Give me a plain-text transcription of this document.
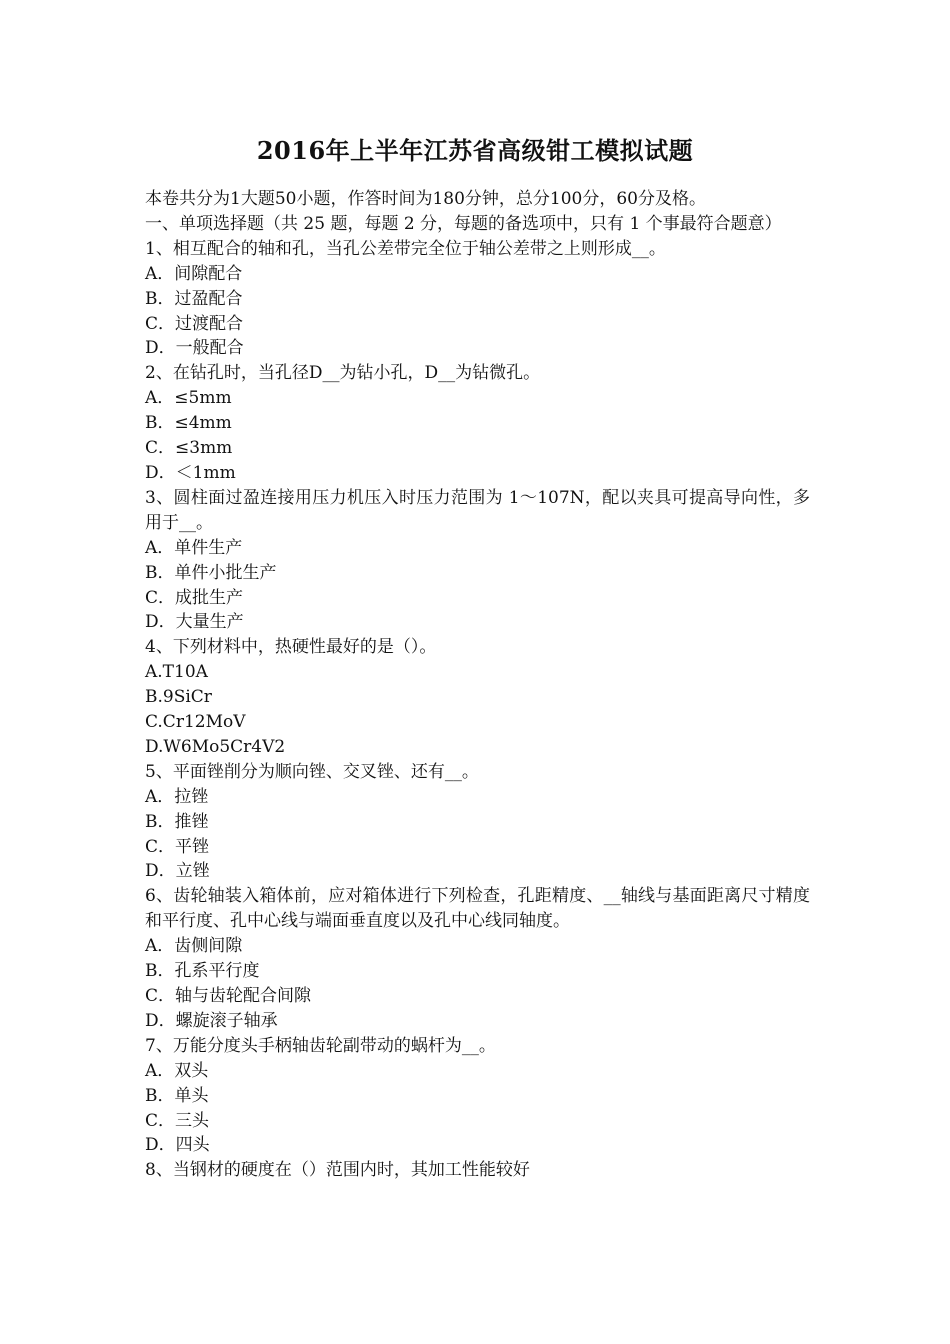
2016年上半年江苏省高级钳工模拟试题
本卷共分为1大题50小题，作答时间为180分钟，总分100分，60分及格。
一、单项选择题（共 25 题，每题 2 分，每题的备选项中，只有 1 个事最符合题意）
1、相互配合的轴和孔，当孔公差带完全位于轴公差带之上则形成__。
A．间隙配合
B．过盈配合
C．过渡配合
D．一般配合
2、在钻孔时，当孔径D__为钻小孔，D__为钻微孔。
A．≤5mm
B．≤4mm
C．≤3mm
D．＜1mm
3、圆柱面过盈连接用压力机压入时压力范围为 1～107N，配以夹具可提高导向性，多用于__。
A．单件生产
B．单件小批生产
C．成批生产
D．大量生产
4、下列材料中，热硬性最好的是（）。
A.T10A
B.9SiCr
C.Cr12MoV
D.W6Mo5Cr4V2
5、平面锉削分为顺向锉、交叉锉、还有__。
A．拉锉
B．推锉
C．平锉
D．立锉
6、齿轮轴装入箱体前，应对箱体进行下列检查，孔距精度、__轴线与基面距离尺寸精度和平行度、孔中心线与端面垂直度以及孔中心线同轴度。
A．齿侧间隙
B．孔系平行度
C．轴与齿轮配合间隙
D．螺旋滚子轴承
7、万能分度头手柄轴齿轮副带动的蜗杆为__。
A．双头
B．单头
C．三头
D．四头
8、当钢材的硬度在（）范围内时，其加工性能较好
